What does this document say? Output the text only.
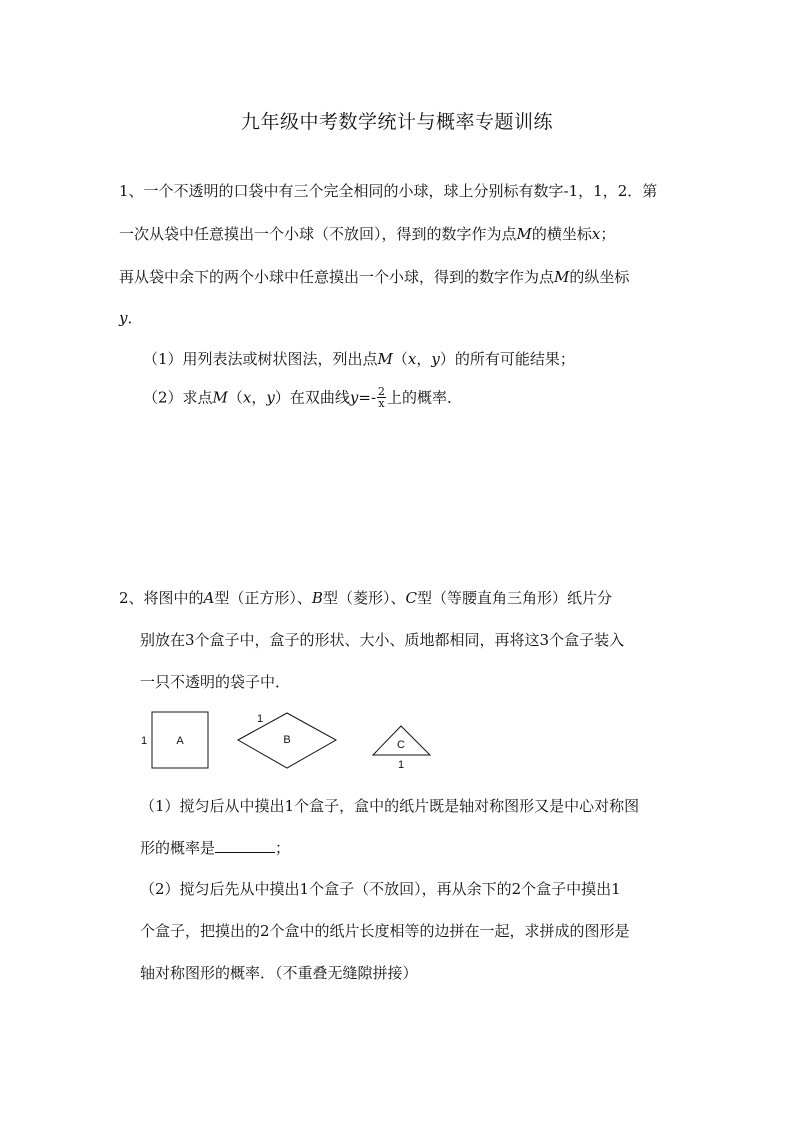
九年级中考数学统计与概率专题训练
1、一个不透明的口袋中有三个完全相同的小球，球上分别标有数字-1，1，2．第
一次从袋中任意摸出一个小球（不放回），得到的数字作为点M的横坐标x；
再从袋中余下的两个小球中任意摸出一个小球，得到的数字作为点M的纵坐标
y．
（1）用列表法或树状图法，列出点M（x，y）的所有可能结果；
（2）求点M（x，y）在双曲线$y=- \frac{2}{x}$ 上的概率．
2、将图中的A型（正方形）、B型（菱形）、C型（等腰直角三角形）纸片分
别放在3个盒子中，盒子的形状、大小、质地都相同，再将这3个盒子装入
一只不透明的袋子中．
A
1	B
1
C
1
（1）搅匀后从中摸出1个盒子，盒中的纸片既是轴对称图形又是中心对称图
形的概率是	；
（2）搅匀后先从中摸出1个盒子（不放回），再从余下的2个盒子中摸出1
个盒子，把摸出的2个盒中的纸片长度相等的边拼在一起，求拼成的图形是
轴对称图形的概率．（不重叠无缝隙拼接）
